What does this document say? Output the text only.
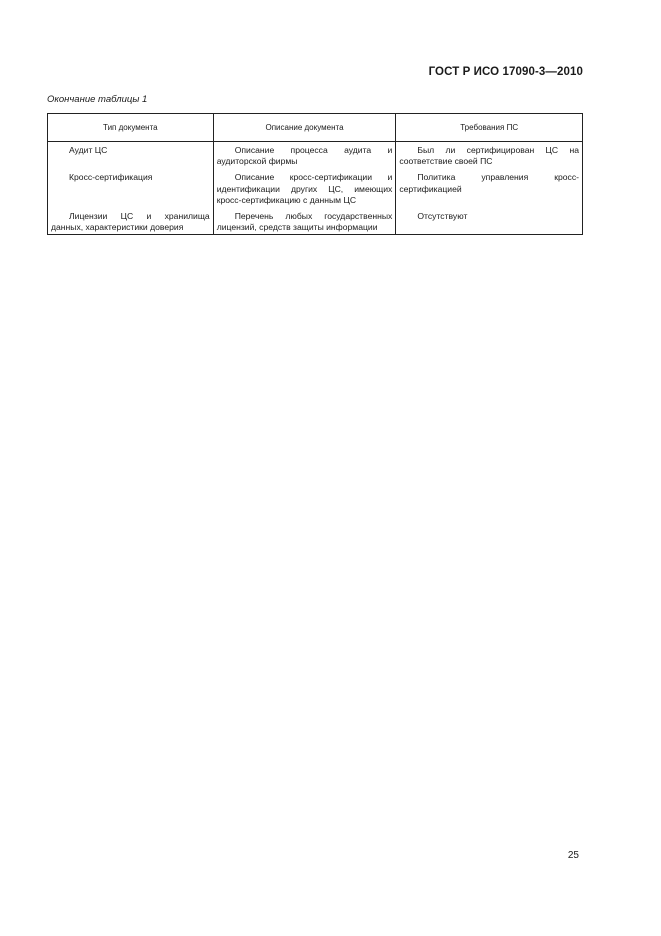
ГОСТ Р ИСО 17090-3—2010
Окончание таблицы 1
Тип документа	Описание документа	Требования ПС

Аудит ЦС	Описание процесса аудита и аудиторской фирмы	Был ли сертифицирован ЦС на соответствие своей ПС

Кросс-сертификация	Описание кросс-сертификации и идентификации других ЦС, имеющих кросс-сертификацию с данным ЦС	Политика управления кросс-сертификацией

Лицензии ЦС и хранилища данных, характеристики доверия	Перечень любых государственных лицензий, средств защиты информации	Отсутствуют
25
